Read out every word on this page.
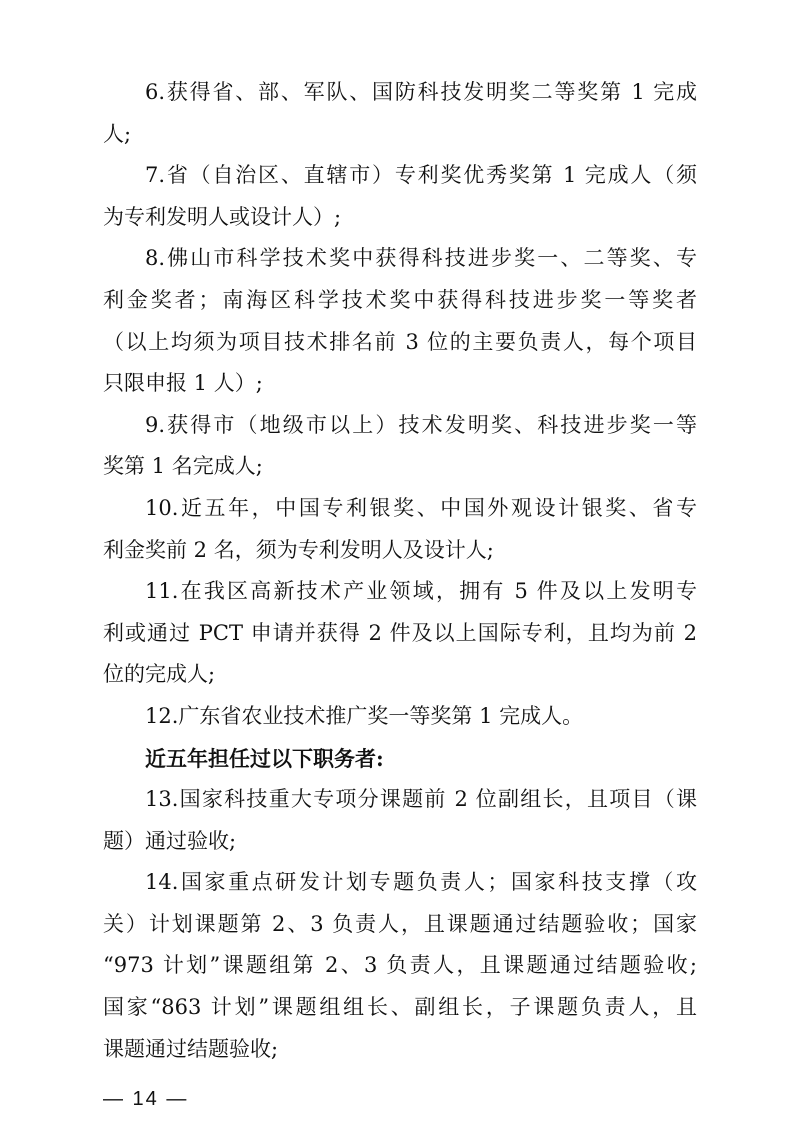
6.获得省、部、军队、国防科技发明奖二等奖第 1 完成
人;
7.省（自治区、直辖市）专利奖优秀奖第 1 完成人（须
为专利发明人或设计人）;
8.佛山市科学技术奖中获得科技进步奖一、二等奖、专
利金奖者；南海区科学技术奖中获得科技进步奖一等奖者
（以上均须为项目技术排名前 3 位的主要负责人，每个项目
只限申报 1 人）;
9.获得市（地级市以上）技术发明奖、科技进步奖一等
奖第 1 名完成人;
10.近五年，中国专利银奖、中国外观设计银奖、省专
利金奖前 2 名，须为专利发明人及设计人;
11.在我区高新技术产业领域，拥有 5 件及以上发明专
利或通过 PCT 申请并获得 2 件及以上国际专利，且均为前 2
位的完成人;
12.广东省农业技术推广奖一等奖第 1 完成人。
近五年担任过以下职务者:
13.国家科技重大专项分课题前 2 位副组长，且项目（课
题）通过验收;
14.国家重点研发计划专题负责人；国家科技支撑（攻
关）计划课题第 2、3 负责人，且课题通过结题验收；国家
“973 计划”课题组第 2、3 负责人，且课题通过结题验收;
国家“863 计划”课题组组长、副组长，子课题负责人，且
课题通过结题验收;
— 14 —
